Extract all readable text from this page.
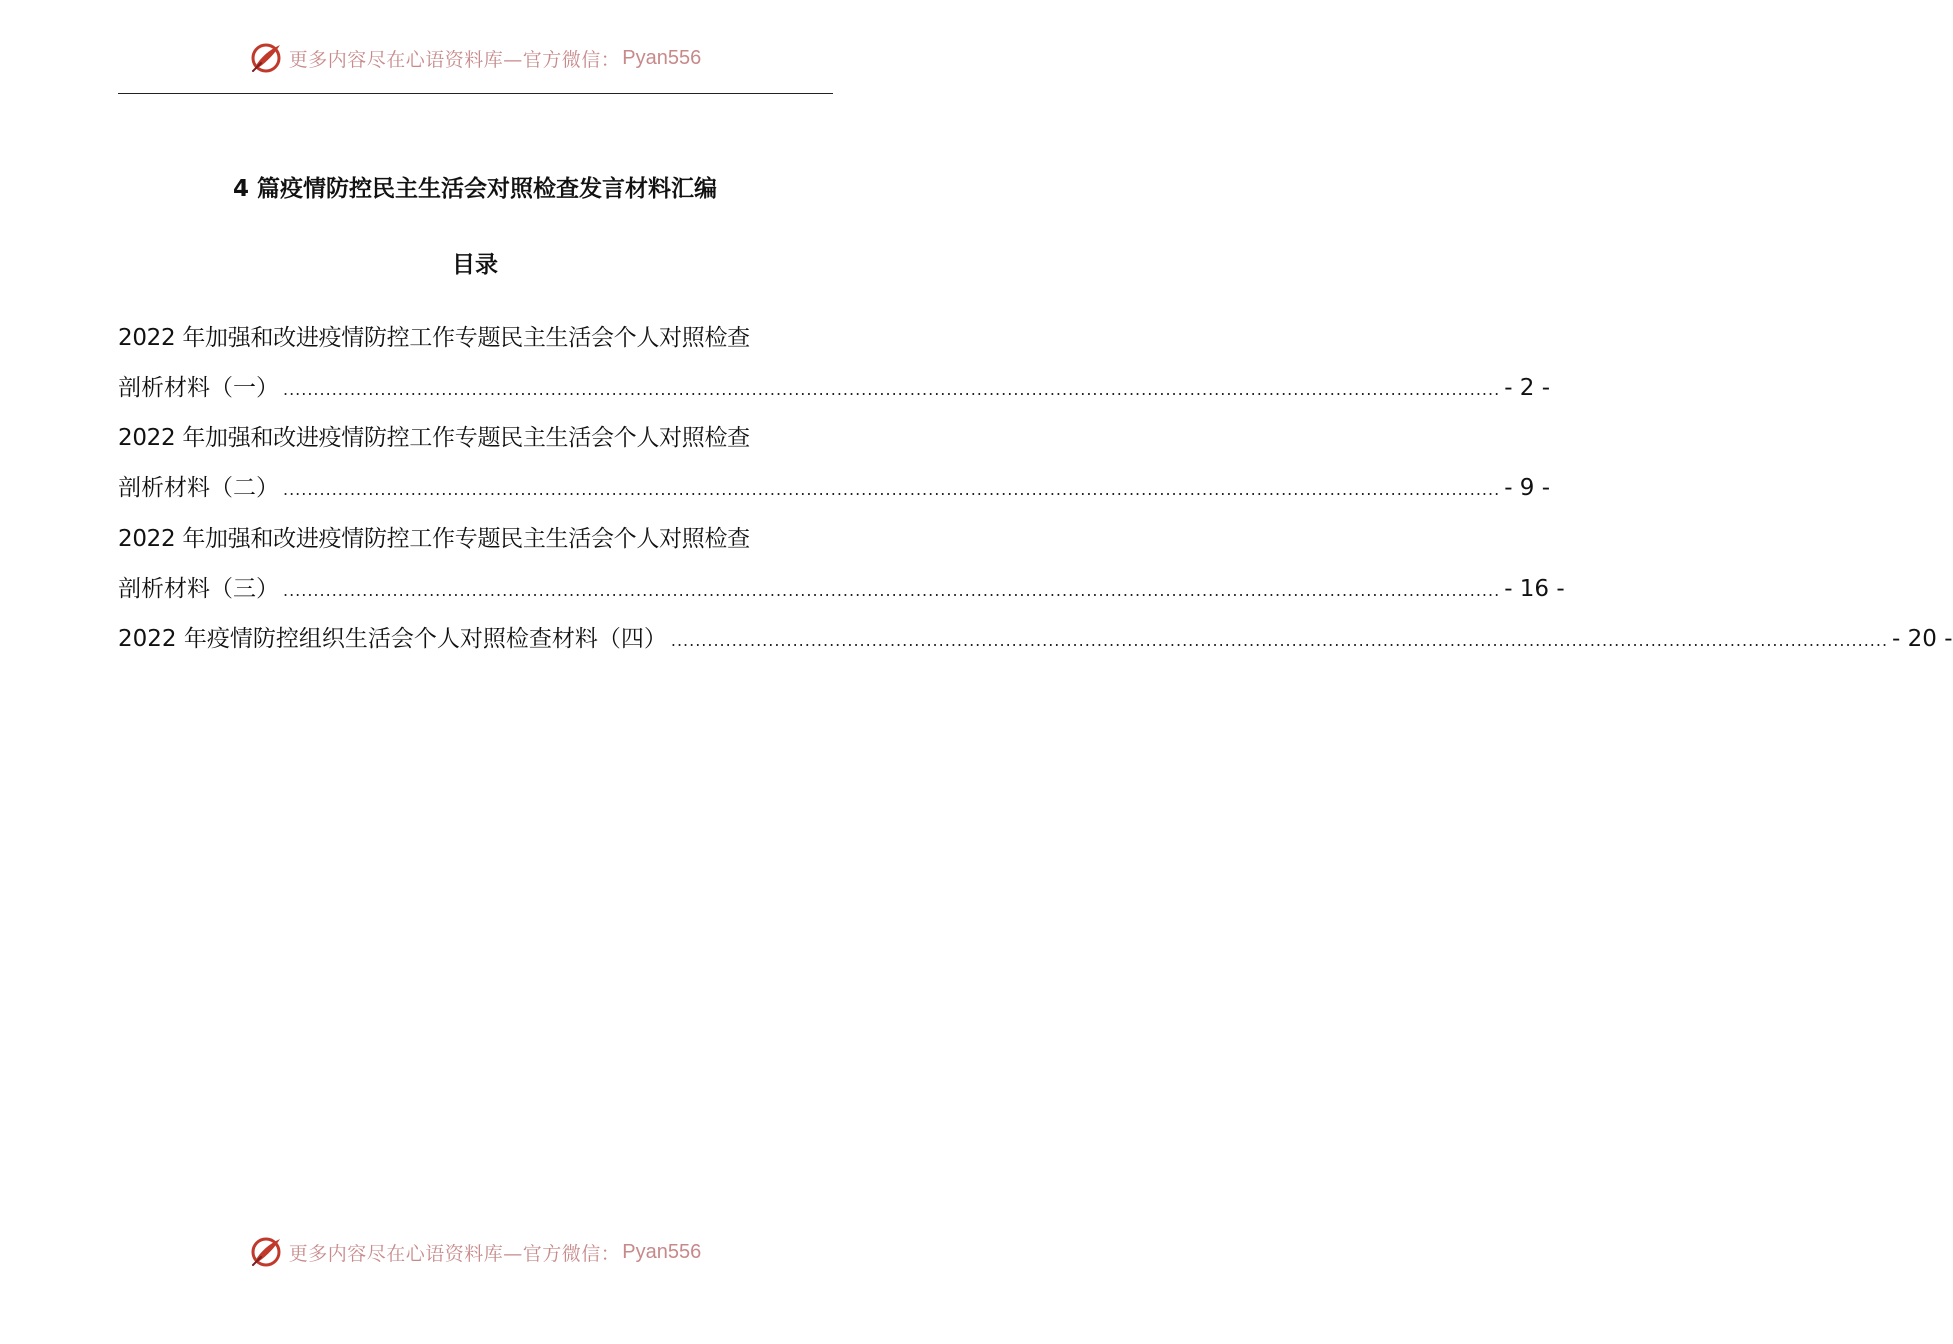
更多内容尽在心语资料库—官方微信： Pyan556
4 篇疫情防控民主生活会对照检查发言材料汇编
目录
2022 年加强和改进疫情防控工作专题民主生活会个人对照检查
剖析材料（一） ........................................................................................................................................................................................................ - 2 -
2022 年加强和改进疫情防控工作专题民主生活会个人对照检查
剖析材料（二） ........................................................................................................................................................................................................ - 9 -
2022 年加强和改进疫情防控工作专题民主生活会个人对照检查
剖析材料（三） ........................................................................................................................................................................................................ - 16 -
2022 年疫情防控组织生活会个人对照检查材料（四） ........................................................................................................................................................................................................ - 20 -
更多内容尽在心语资料库—官方微信： Pyan556
